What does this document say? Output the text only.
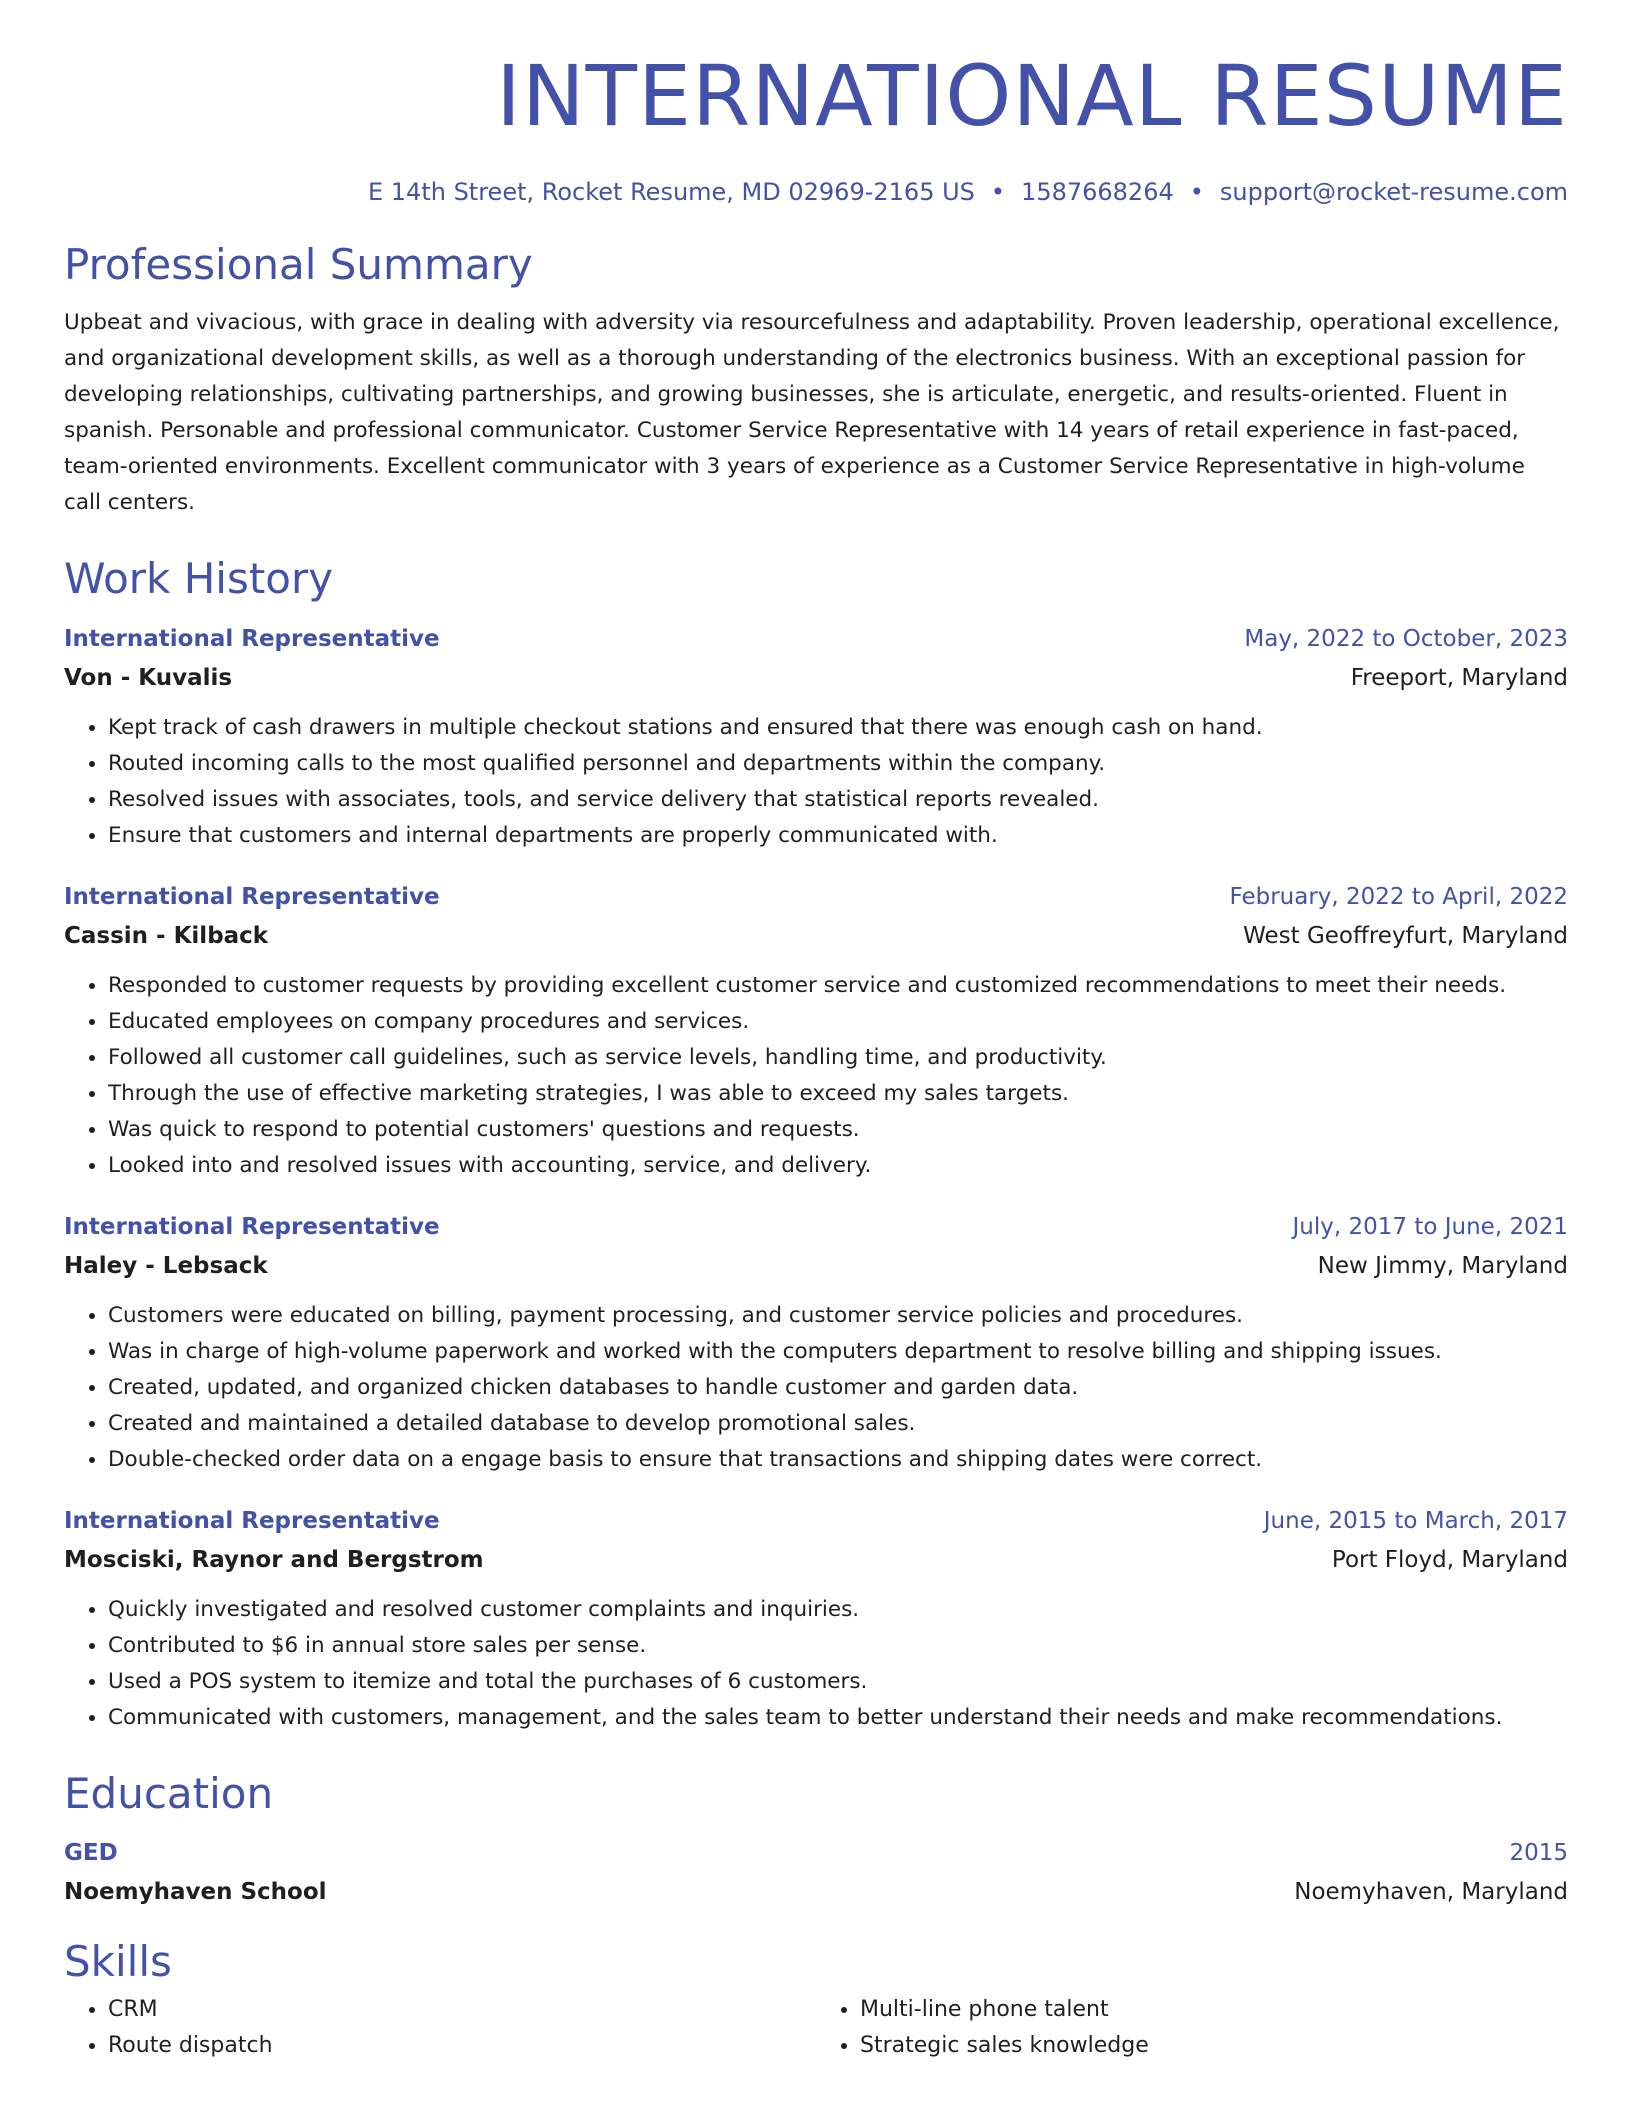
INTERNATIONAL RESUME
E 14th Street, Rocket Resume, MD 02969-2165 US • 1587668264 • support@rocket-resume.com
Professional Summary

Upbeat and vivacious, with grace in dealing with adversity via resourcefulness and adaptability. Proven leadership, operational excellence, and organizational development skills, as well as a thorough understanding of the electronics business. With an exceptional passion for developing relationships, cultivating partnerships, and growing businesses, she is articulate, energetic, and results-oriented. Fluent in spanish. Personable and professional communicator. Customer Service Representative with 14 years of retail experience in fast-paced, team-oriented environments. Excellent communicator with 3 years of experience as a Customer Service Representative in high-volume call centers.

Work History
International Representative	May, 2022 to October, 2023
Von - Kuvalis	Freeport, Maryland
• Kept track of cash drawers in multiple checkout stations and ensured that there was enough cash on hand.
• Routed incoming calls to the most qualified personnel and departments within the company.
• Resolved issues with associates, tools, and service delivery that statistical reports revealed.
• Ensure that customers and internal departments are properly communicated with.
International Representative	February, 2022 to April, 2022
Cassin - Kilback	West Geoffreyfurt, Maryland
• Responded to customer requests by providing excellent customer service and customized recommendations to meet their needs.
• Educated employees on company procedures and services.
• Followed all customer call guidelines, such as service levels, handling time, and productivity.
• Through the use of effective marketing strategies, I was able to exceed my sales targets.
• Was quick to respond to potential customers' questions and requests.
• Looked into and resolved issues with accounting, service, and delivery.
International Representative	July, 2017 to June, 2021
Haley - Lebsack	New Jimmy, Maryland
• Customers were educated on billing, payment processing, and customer service policies and procedures.
• Was in charge of high-volume paperwork and worked with the computers department to resolve billing and shipping issues.
• Created, updated, and organized chicken databases to handle customer and garden data.
• Created and maintained a detailed database to develop promotional sales.
• Double-checked order data on a engage basis to ensure that transactions and shipping dates were correct.
International Representative	June, 2015 to March, 2017
Mosciski, Raynor and Bergstrom	Port Floyd, Maryland
• Quickly investigated and resolved customer complaints and inquiries.
• Contributed to $6 in annual store sales per sense.
• Used a POS system to itemize and total the purchases of 6 customers.
• Communicated with customers, management, and the sales team to better understand their needs and make recommendations.
Education
GED	2015
Noemyhaven School	Noemyhaven, Maryland
Skills
• CRM
• Route dispatch
• Multi-line phone talent
• Strategic sales knowledge
